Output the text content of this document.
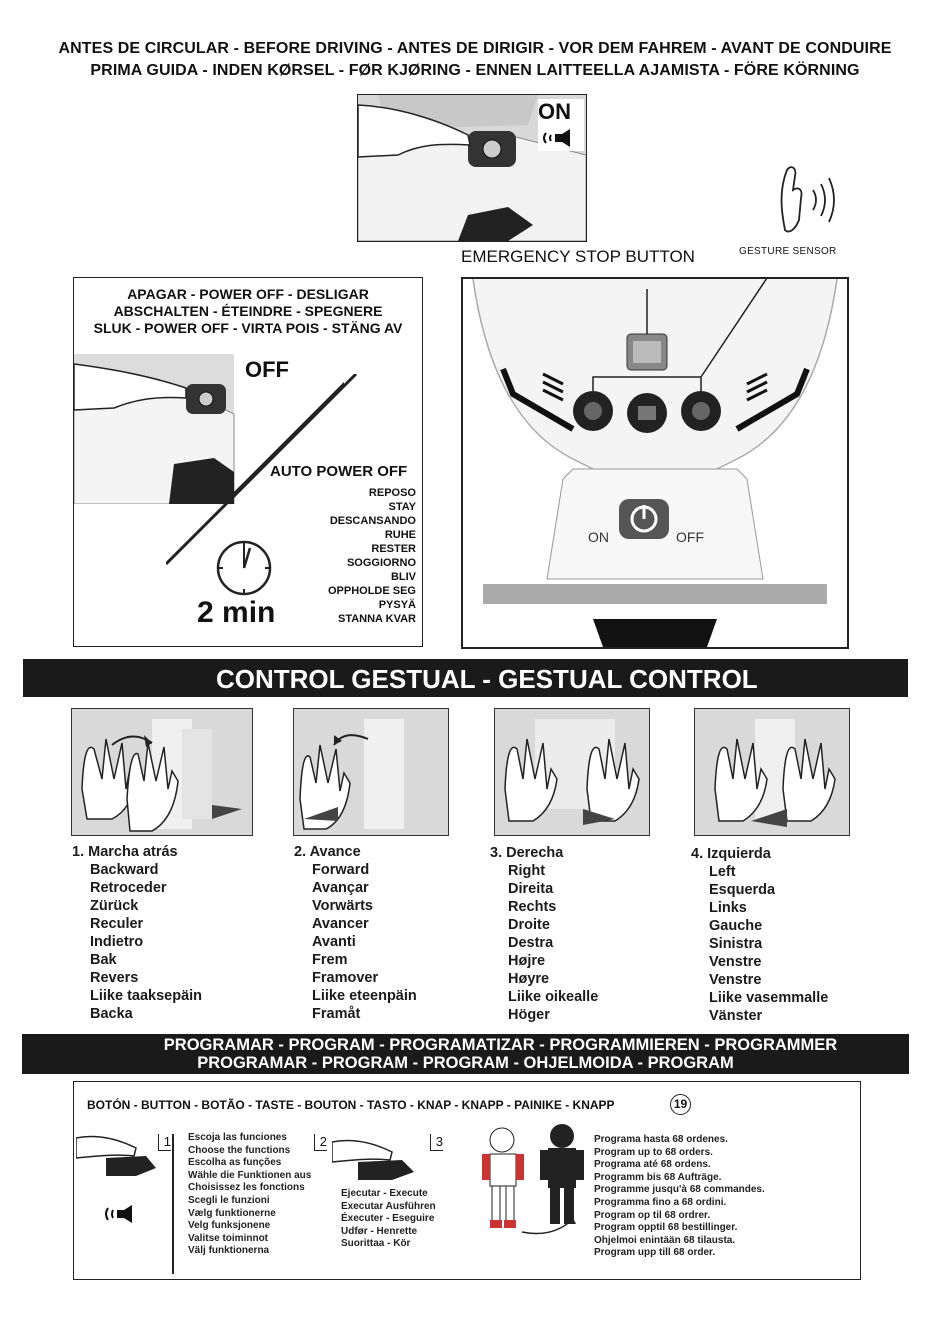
ANTES DE CIRCULAR - BEFORE DRIVING - ANTES DE DIRIGIR - VOR DEM FAHREM - AVANT DE CONDUIRE
PRIMA GUIDA - INDEN KØRSEL - FØR KJØRING - ENNEN LAITTEELLA AJAMISTA - FÖRE KÖRNING
ON
EMERGENCY STOP BUTTON	GESTURE SENSOR
APAGAR - POWER OFF - DESLIGAR
ABSCHALTEN - ÉTEINDRE - SPEGNERE
SLUK - POWER OFF - VIRTA POIS - STÄNG AV
OFF
AUTO POWER OFF
REPOSO
STAY
DESCANSANDO
RUHE
RESTER
SOGGIORNO
BLIV
OPPHOLDE SEG
PYSYÄ
STANNA KVAR
2 min
ON	OFF
CONTROL GESTUAL - GESTUAL CONTROL
1. Marcha atrás
Backward
Retroceder
Zürück
Reculer
Indietro
Bak
Revers
Liike taaksepäin
Backa
2. Avance
Forward
Avançar
Vorwärts
Avancer
Avanti
Frem
Framover
Liike eteenpäin
Framåt
3. Derecha
Right
Direita
Rechts
Droite
Destra
Højre
Høyre
Liike oikealle
Höger
4. Izquierda
Left
Esquerda
Links
Gauche
Sinistra
Venstre
Venstre
Liike vasemmalle
Vänster
PROGRAMAR - PROGRAM - PROGRAMATIZAR - PROGRAMMIEREN - PROGRAMMER
PROGRAMAR - PROGRAM - PROGRAM - OHJELMOIDA - PROGRAM
BOTÓN - BUTTON - BOTÃO - TASTE - BOUTON - TASTO - KNAP - KNAPP - PAINIKE - KNAPP	19
1 Escoja las funciones
Choose the functions
Escolha as funções
Wähle die Funktionen aus
Choisissez les fonctions
Scegli le funzioni
Vælg funktionerne
Velg funksjonene
Valitse toiminnot
Välj funktionerna
2
Ejecutar - Execute
Executar Ausführen
Éxecuter - Eseguire
Udfør - Henrette
Suorittaa - Kör
3	Programa hasta 68 ordenes.
Program up to 68 orders.
Programa até 68 ordens.
Programm bis 68 Aufträge.
Programme jusqu'à 68 commandes.
Programma fino a 68 ordini.
Program op til 68 ordrer.
Program opptil 68 bestillinger.
Ohjelmoi enintään 68 tilausta.
Program upp till 68 order.
